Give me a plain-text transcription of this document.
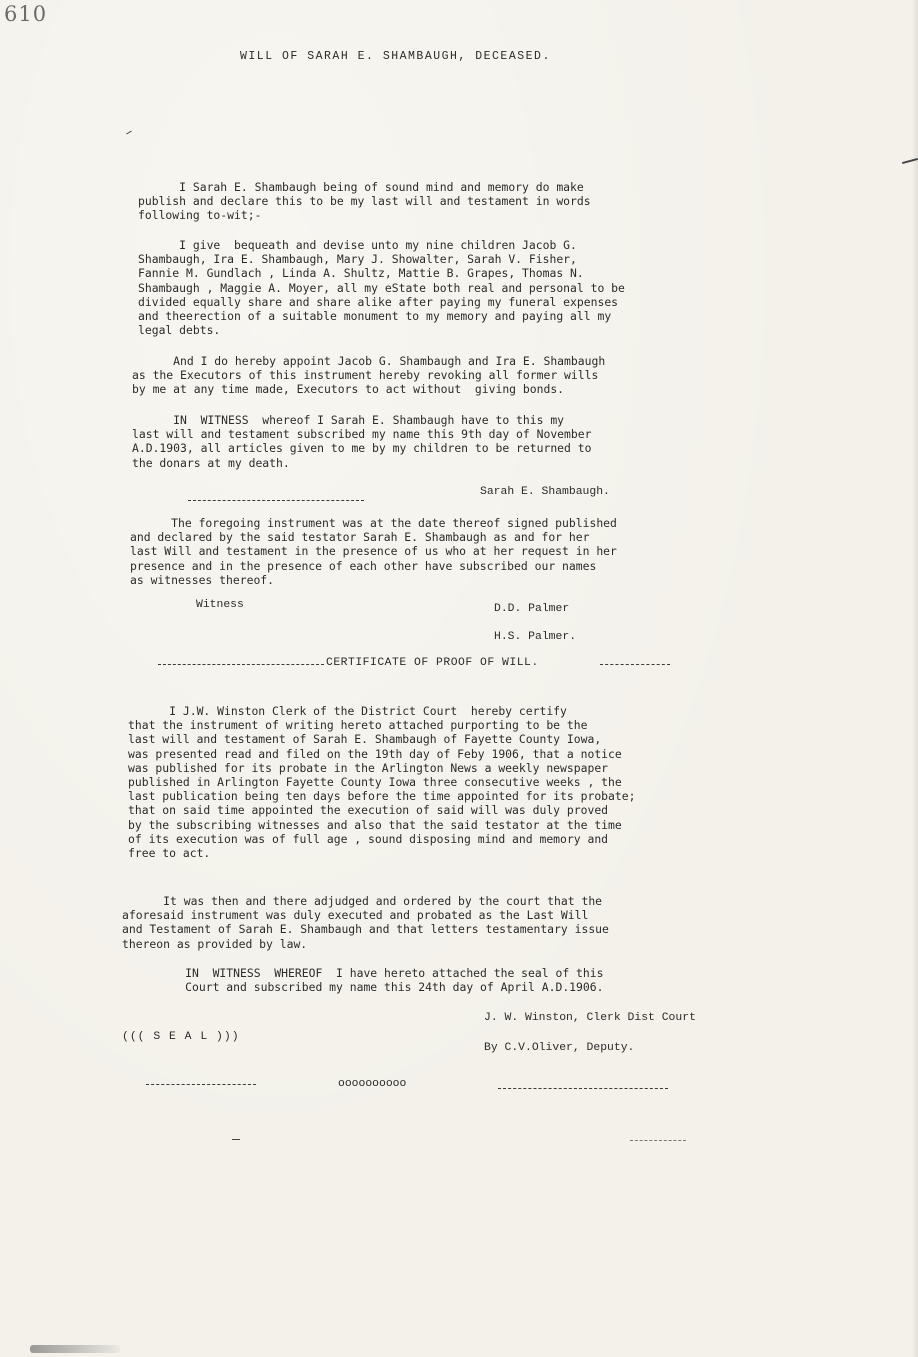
610
WILL OF SARAH E. SHAMBAUGH, DECEASED.
I Sarah E. Shambaugh being of sound mind and memory do make
publish and declare this to be my last will and testament in words
following to-wit;-
I give  bequeath and devise unto my nine children Jacob G.
Shambaugh, Ira E. Shambaugh, Mary J. Showalter, Sarah V. Fisher,
Fannie M. Gundlach , Linda A. Shultz, Mattie B. Grapes, Thomas N.
Shambaugh , Maggie A. Moyer, all my eState both real and personal to be
divided equally share and share alike after paying my funeral expenses
and theerection of a suitable monument to my memory and paying all my
legal debts.
And I do hereby appoint Jacob G. Shambaugh and Ira E. Shambaugh
as the Executors of this instrument hereby revoking all former wills
by me at any time made, Executors to act without  giving bonds.
IN  WITNESS  whereof I Sarah E. Shambaugh have to this my
last will and testament subscribed my name this 9th day of November
A.D.1903, all articles given to me by my children to be returned to
the donars at my death.
Sarah E. Shambaugh.
The foregoing instrument was at the date thereof signed published
and declared by the said testator Sarah E. Shambaugh as and for her
last Will and testament in the presence of us who at her request in her
presence and in the presence of each other have subscribed our names
as witnesses thereof.
Witness	D.D. Palmer
H.S. Palmer.
CERTIFICATE OF PROOF OF WILL.
I J.W. Winston Clerk of the District Court  hereby certify
that the instrument of writing hereto attached purporting to be the
last will and testament of Sarah E. Shambaugh of Fayette County Iowa,
was presented read and filed on the 19th day of Feby 1906, that a notice
was published for its probate in the Arlington News a weekly newspaper
published in Arlington Fayette County Iowa three consecutive weeks , the
last publication being ten days before the time appointed for its probate;
that on said time appointed the execution of said will was duly proved
by the subscribing witnesses and also that the said testator at the time
of its execution was of full age , sound disposing mind and memory and
free to act.
It was then and there adjudged and ordered by the court that the
aforesaid instrument was duly executed and probated as the Last Will
and Testament of Sarah E. Shambaugh and that letters testamentary issue
thereon as provided by law.
IN  WITNESS  WHEREOF  I have hereto attached the seal of this
Court and subscribed my name this 24th day of April A.D.1906.
J. W. Winston, Clerk Dist Court
((( S E A L )))
By C.V.Oliver, Deputy.
oooooooooo
